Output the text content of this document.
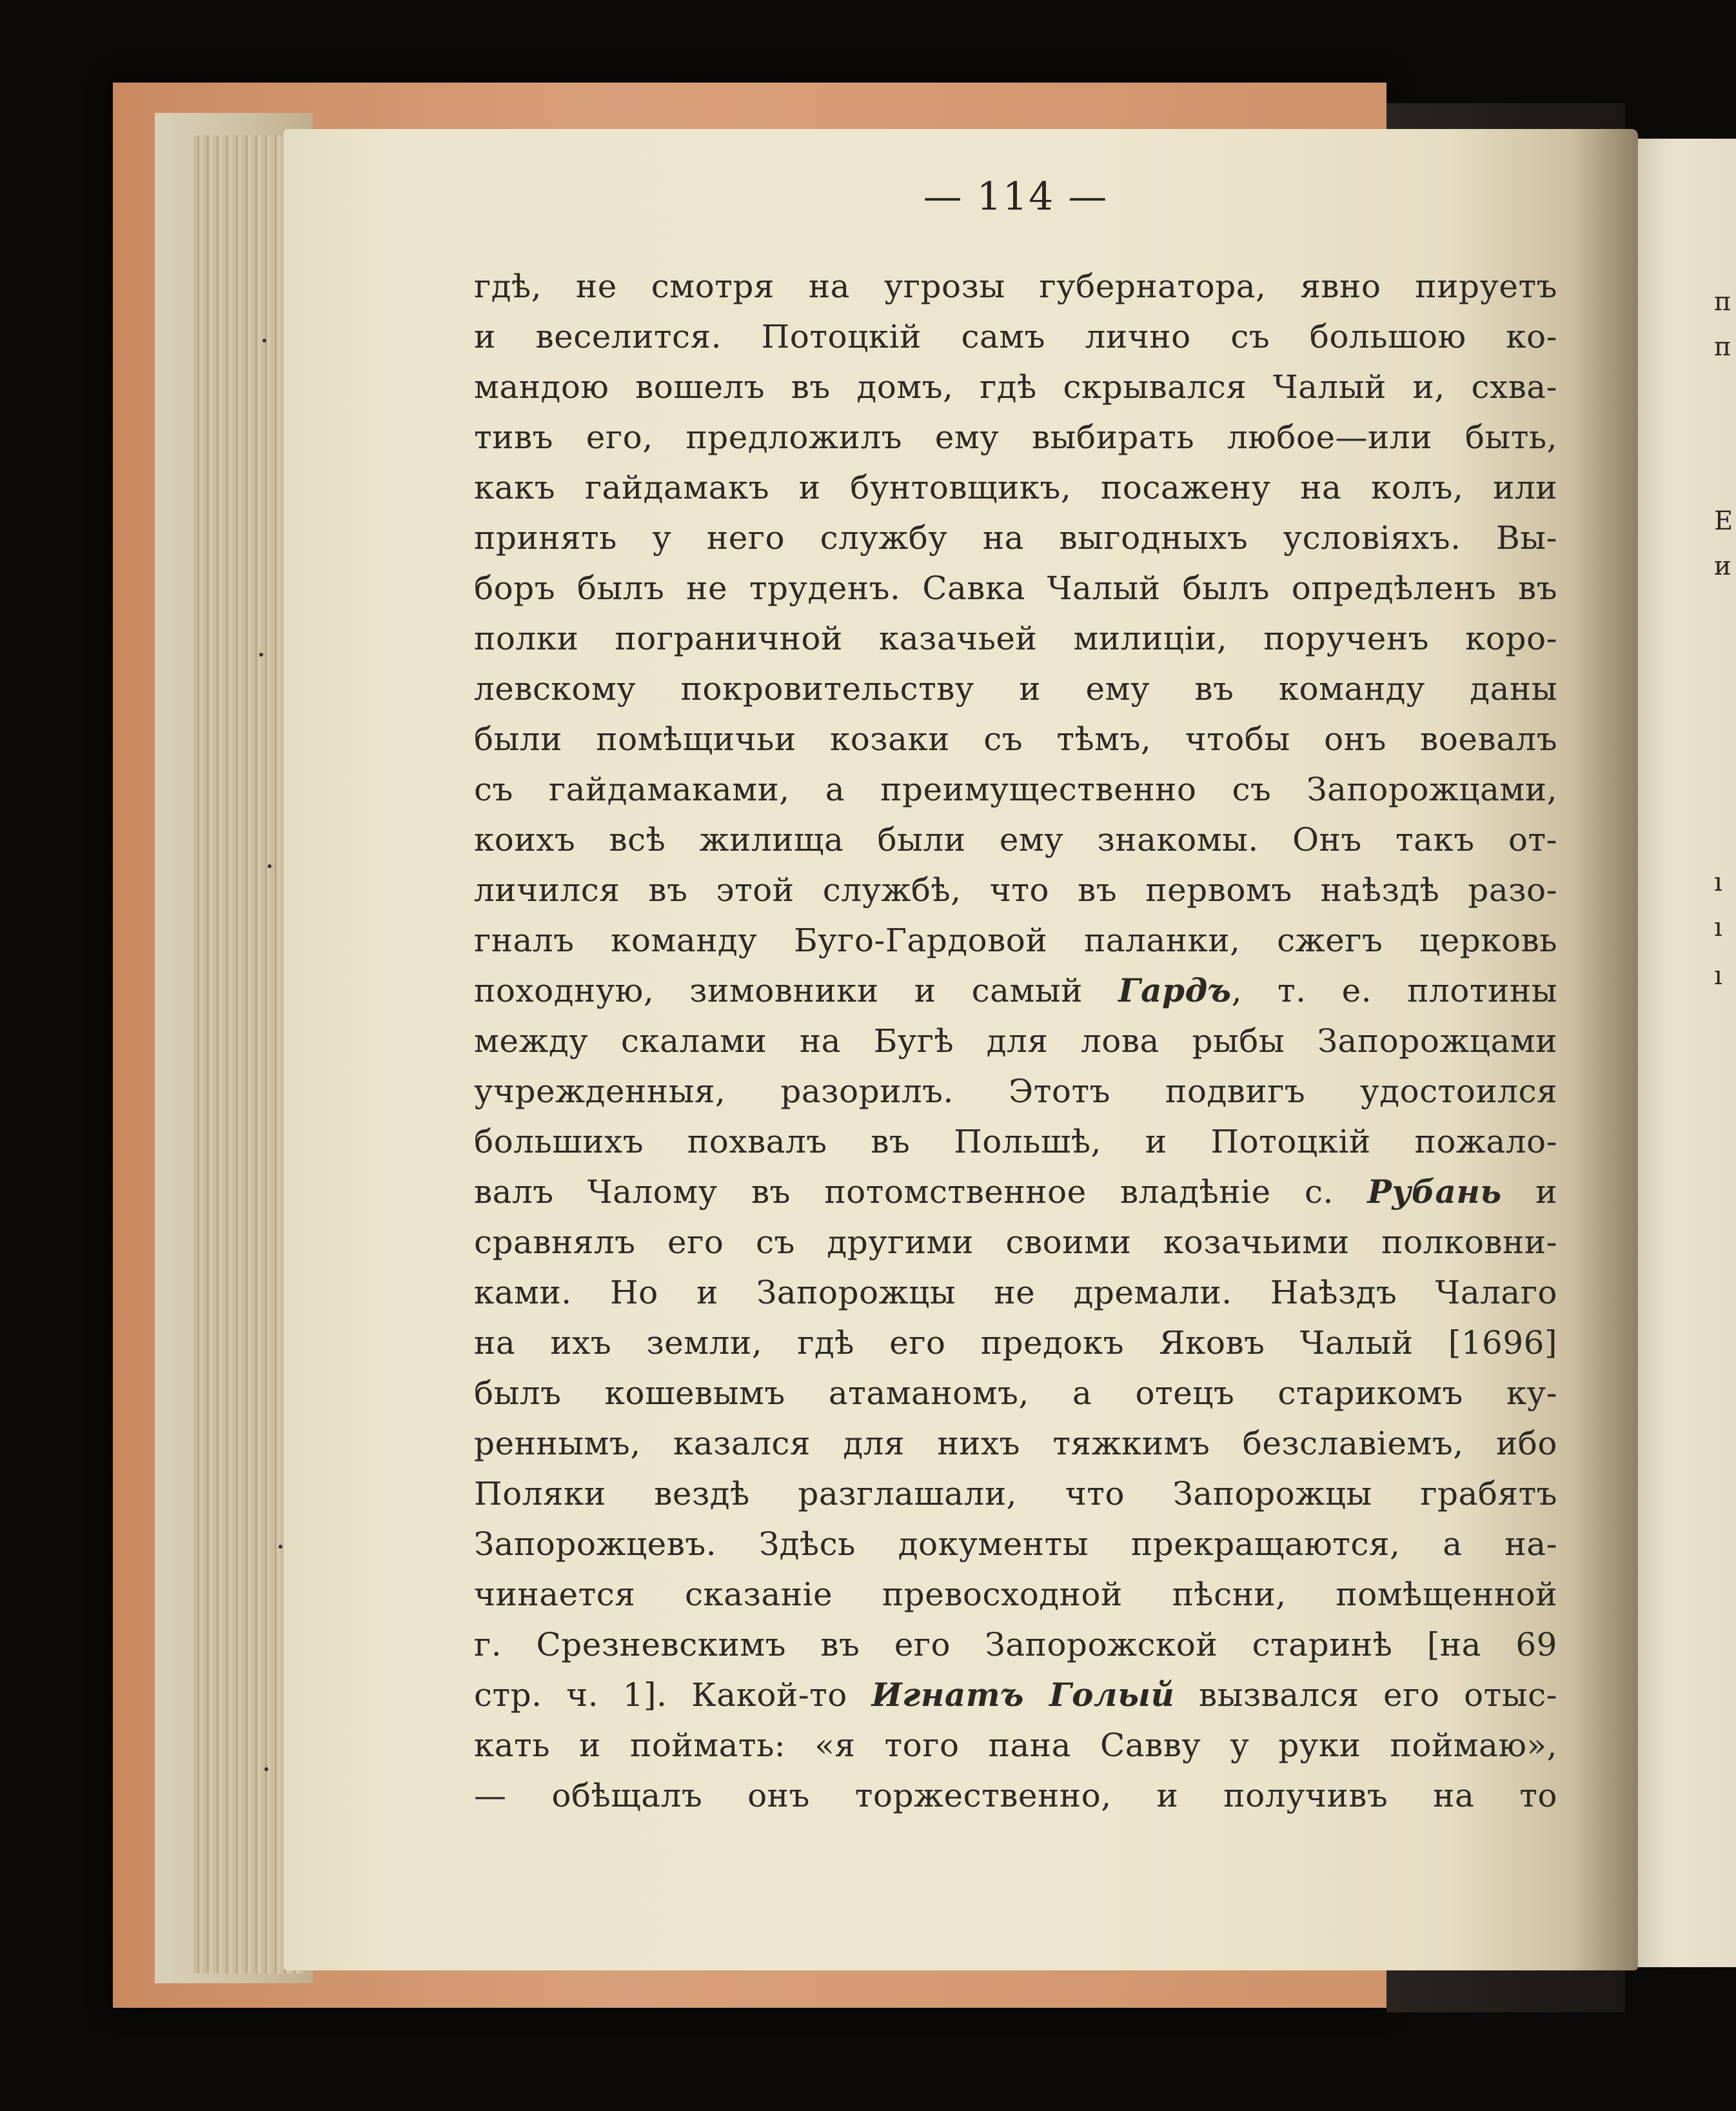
п
п
Е
и
ı
ı
ı
— 114 —
гдѣ, не смотря на угрозы губернатора, явно пируетъ
и веселится. Потоцкій самъ лично съ большою ко-
мандою вошелъ въ домъ, гдѣ скрывался Чалый и, схва-
тивъ его, предложилъ ему выбирать любое—или быть,
какъ гайдамакъ и бунтовщикъ, посажену на колъ, или
принять у него службу на выгодныхъ условіяхъ. Вы-
боръ былъ не труденъ. Савка Чалый былъ опредѣленъ въ
полки пограничной казачьей милиціи, порученъ коро-
левскому покровительству и ему въ команду даны
были помѣщичьи козаки съ тѣмъ, чтобы онъ воевалъ
съ гайдамаками, а преимущественно съ Запорожцами,
коихъ всѣ жилища были ему знакомы. Онъ такъ от-
личился въ этой службѣ, что въ первомъ наѣздѣ разо-
гналъ команду Буго-Гардовой паланки, сжегъ церковь
походную, зимовники и самый Гардъ, т. е. плотины
между скалами на Бугѣ для лова рыбы Запорожцами
учрежденныя, разорилъ. Этотъ подвигъ удостоился
большихъ похвалъ въ Польшѣ, и Потоцкій пожало-
валъ Чалому въ потомственное владѣніе с. Рубань и
сравнялъ его съ другими своими козачьими полковни-
ками. Но и Запорожцы не дремали. Наѣздъ Чалаго
на ихъ земли, гдѣ его предокъ Яковъ Чалый [1696]
былъ кошевымъ атаманомъ, а отецъ старикомъ ку-
реннымъ, казался для нихъ тяжкимъ безславіемъ, ибо
Поляки вездѣ разглашали, что Запорожцы грабятъ
Запорожцевъ. Здѣсь документы прекращаются, а на-
чинается сказаніе превосходной пѣсни, помѣщенной
г. Срезневскимъ въ его Запорожской старинѣ [на 69
стр. ч. 1]. Какой-то Игнатъ Голый вызвался его отыс-
кать и поймать: «я того пана Савву у руки поймаю»,
— обѣщалъ онъ торжественно, и получивъ на то
